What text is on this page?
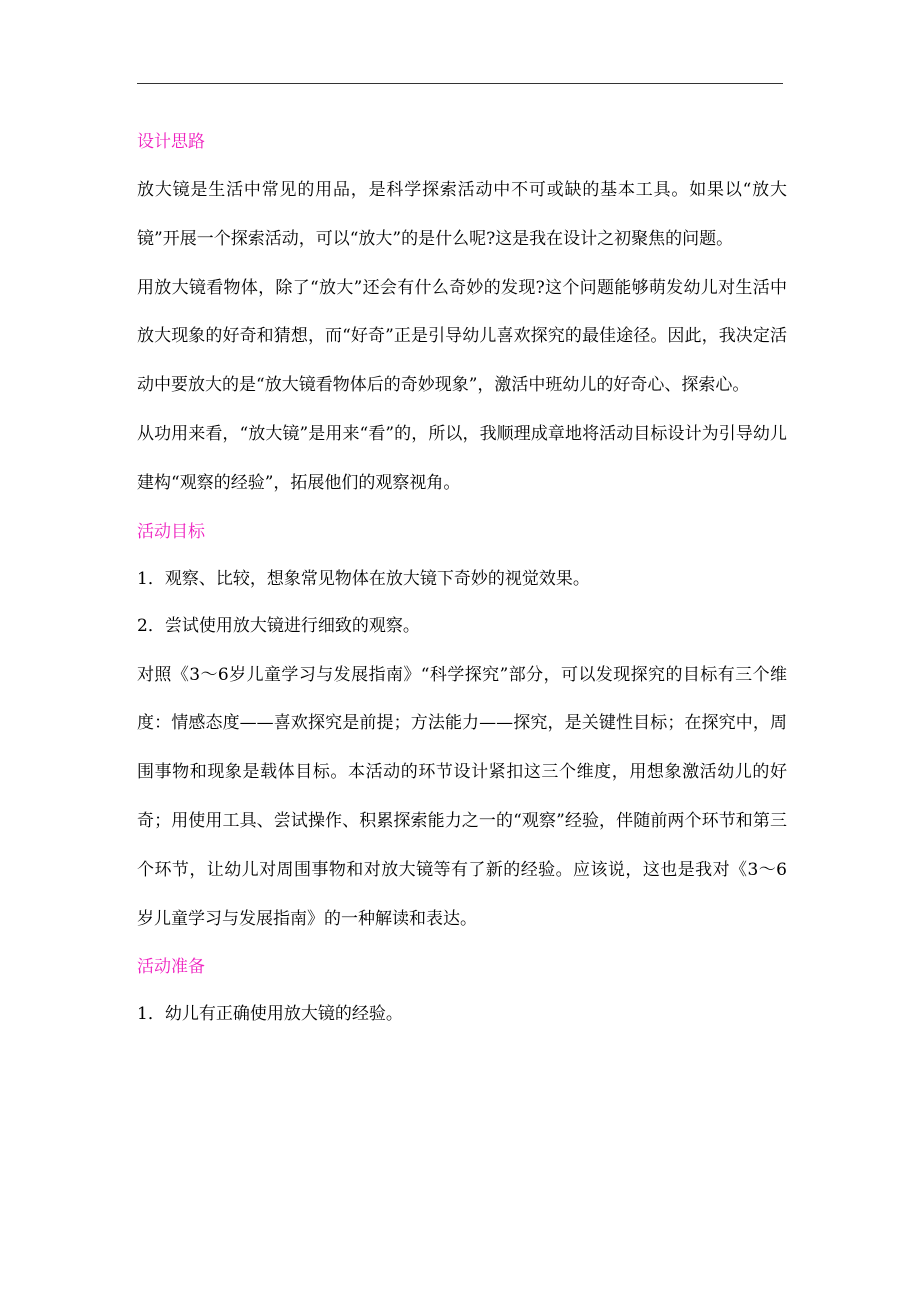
设计思路

放大镜是生活中常见的用品，是科学探索活动中不可或缺的基本工具。如果以“放大镜”开展一个探索活动，可以“放大”的是什么呢?这是我在设计之初聚焦的问题。

用放大镜看物体，除了“放大”还会有什么奇妙的发现?这个问题能够萌发幼儿对生活中放大现象的好奇和猜想，而“好奇”正是引导幼儿喜欢探究的最佳途径。因此，我决定活动中要放大的是“放大镜看物体后的奇妙现象”，激活中班幼儿的好奇心、探索心。

从功用来看，“放大镜”是用来“看”的，所以，我顺理成章地将活动目标设计为引导幼儿建构“观察的经验”，拓展他们的观察视角。

活动目标

1．观察、比较，想象常见物体在放大镜下奇妙的视觉效果。

2．尝试使用放大镜进行细致的观察。

对照《3～6岁儿童学习与发展指南》“科学探究”部分，可以发现探究的目标有三个维度：情感态度——喜欢探究是前提；方法能力——探究，是关键性目标；在探究中，周围事物和现象是载体目标。本活动的环节设计紧扣这三个维度，用想象激活幼儿的好奇；用使用工具、尝试操作、积累探索能力之一的“观察”经验，伴随前两个环节和第三个环节，让幼儿对周围事物和对放大镜等有了新的经验。应该说，这也是我对《3～6岁儿童学习与发展指南》的一种解读和表达。

活动准备

1．幼儿有正确使用放大镜的经验。
